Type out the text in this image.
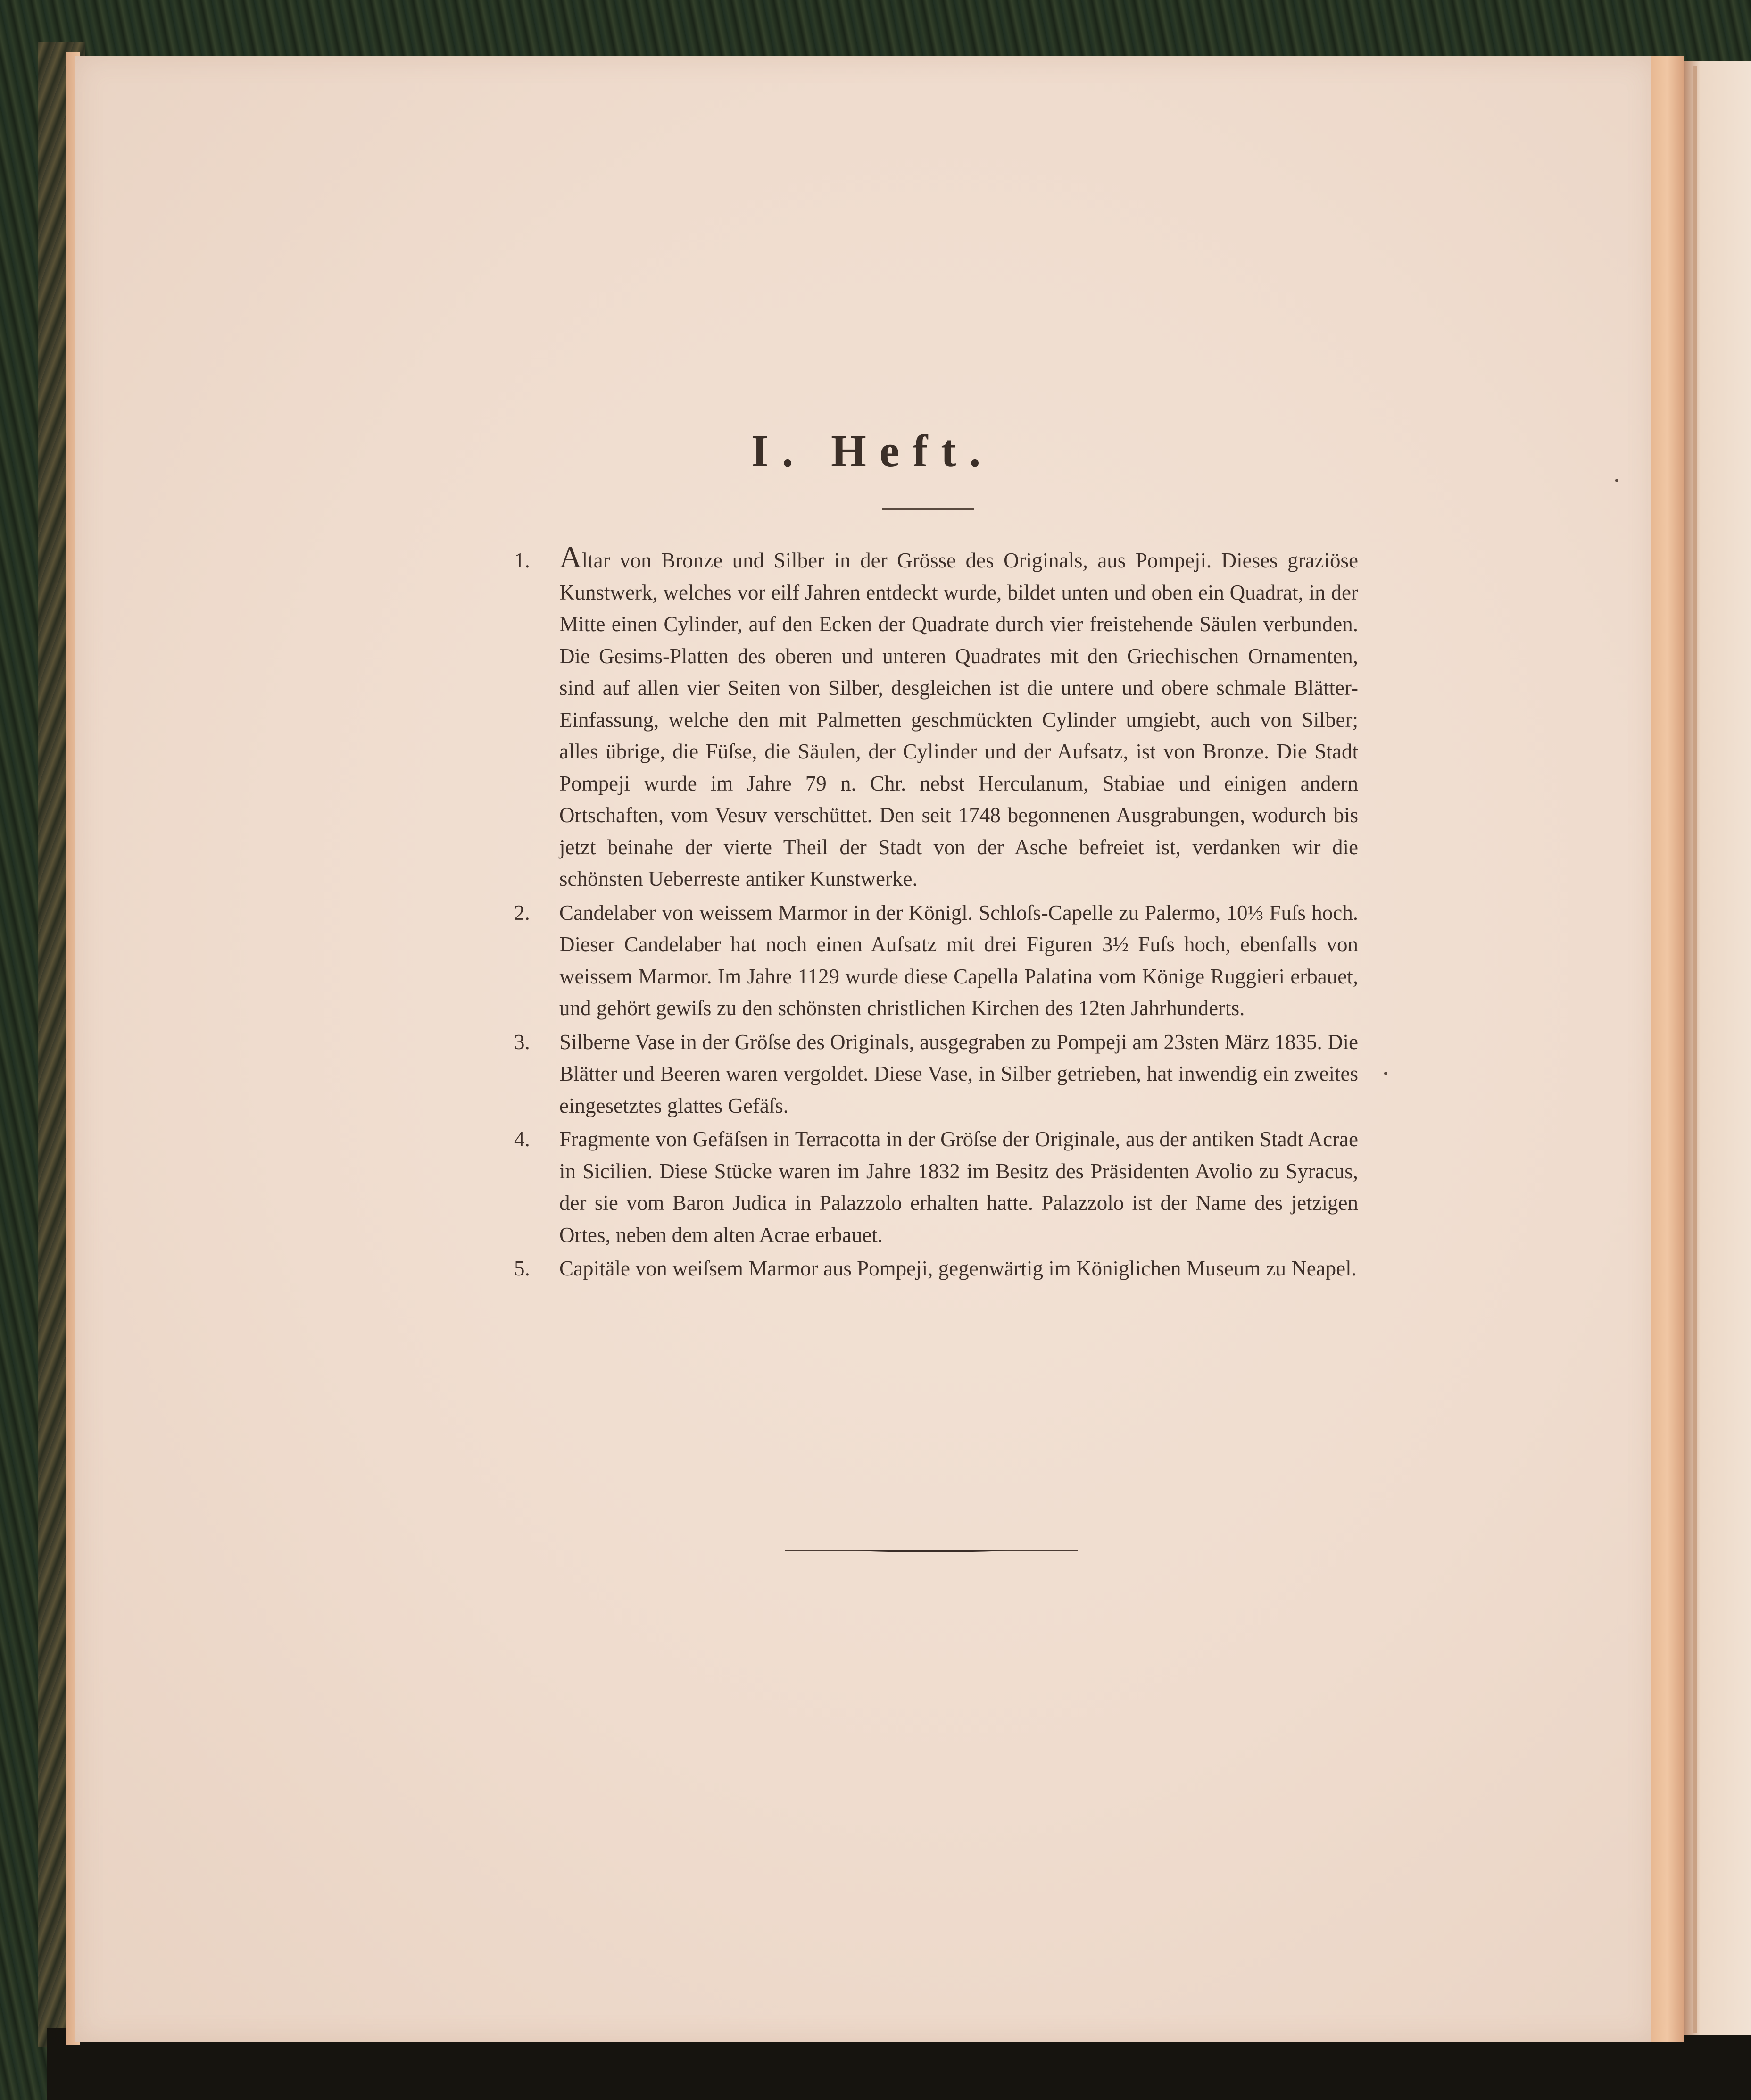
I. Heft.
1. Altar von Bronze und Silber in der Grösse des Originals, aus Pompeji. Dieses graziöse Kunstwerk, welches vor eilf Jahren entdeckt wurde, bildet unten und oben ein Quadrat, in der Mitte einen Cylinder, auf den Ecken der Quadrate durch vier freistehende Säulen verbunden. Die Gesims-Platten des oberen und unteren Quadrates mit den Griechischen Ornamenten, sind auf allen vier Seiten von Silber, desgleichen ist die untere und obere schmale Blätter-Einfassung, welche den mit Palmetten geschmückten Cylinder umgiebt, auch von Silber; alles übrige, die Füſse, die Säulen, der Cylinder und der Aufsatz, ist von Bronze. Die Stadt Pompeji wurde im Jahre 79 n. Chr. nebst Herculanum, Stabiae und einigen andern Ortschaften, vom Vesuv verschüttet. Den seit 1748 begonnenen Ausgrabungen, wodurch bis jetzt beinahe der vierte Theil der Stadt von der Asche befreiet ist, verdanken wir die schönsten Ueberreste antiker Kunstwerke.
2.	Candelaber von weissem Marmor in der Königl. Schloſs-Capelle zu Palermo, 10⅓ Fuſs hoch. Dieser Candelaber hat noch einen Aufsatz mit drei Figuren 3½ Fuſs hoch, ebenfalls von weissem Marmor. Im Jahre 1129 wurde diese Capella Palatina vom Könige Ruggieri erbauet, und gehört gewiſs zu den schönsten christlichen Kirchen des 12ten Jahrhunderts.
3.	Silberne Vase in der Gröſse des Originals, ausgegraben zu Pompeji am 23sten März 1835. Die Blätter und Beeren waren vergoldet. Diese Vase, in Silber getrieben, hat inwendig ein zweites eingesetztes glattes Gefäſs.
4.	Fragmente von Gefäſsen in Terracotta in der Gröſse der Originale, aus der antiken Stadt Acrae in Sicilien. Diese Stücke waren im Jahre 1832 im Besitz des Präsidenten Avolio zu Syracus, der sie vom Baron Judica in Palazzolo erhalten hatte. Palazzolo ist der Name des jetzigen Ortes, neben dem alten Acrae erbauet.
5.	Capitäle von weiſsem Marmor aus Pompeji, gegenwärtig im Königlichen Museum zu Neapel.
